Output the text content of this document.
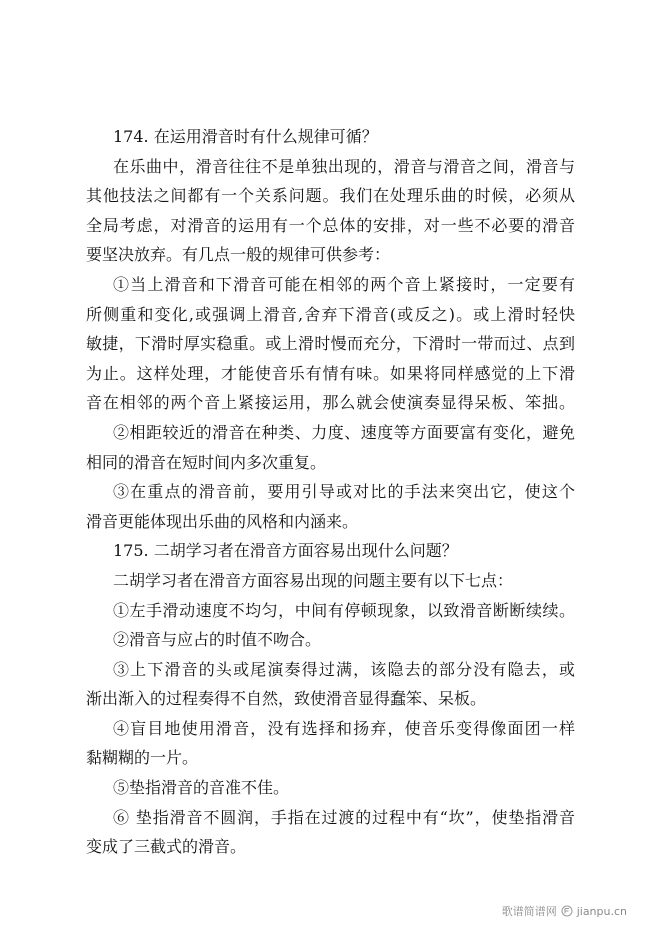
174. 在运用滑音时有什么规律可循？
在乐曲中，滑音往往不是单独出现的，滑音与滑音之间，滑音与
其他技法之间都有一个关系问题。我们在处理乐曲的时候，必须从
全局考虑，对滑音的运用有一个总体的安排，对一些不必要的滑音
要坚决放弃。有几点一般的规律可供参考：
①当上滑音和下滑音可能在相邻的两个音上紧接时，一定要有
所侧重和变化,或强调上滑音,舍弃下滑音(或反之)。或上滑时轻快
敏捷，下滑时厚实稳重。或上滑时慢而充分，下滑时一带而过、点到
为止。这样处理，才能使音乐有情有味。如果将同样感觉的上下滑
音在相邻的两个音上紧接运用，那么就会使演奏显得呆板、笨拙。
②相距较近的滑音在种类、力度、速度等方面要富有变化，避免
相同的滑音在短时间内多次重复。
③在重点的滑音前，要用引导或对比的手法来突出它，使这个
滑音更能体现出乐曲的风格和内涵来。
175. 二胡学习者在滑音方面容易出现什么问题？
二胡学习者在滑音方面容易出现的问题主要有以下七点：
①左手滑动速度不均匀，中间有停顿现象，以致滑音断断续续。
②滑音与应占的时值不吻合。
③上下滑音的头或尾演奏得过满，该隐去的部分没有隐去，或
渐出渐入的过程奏得不自然，致使滑音显得蠢笨、呆板。
④盲目地使用滑音，没有选择和扬弃，使音乐变得像面团一样
黏糊糊的一片。
⑤垫指滑音的音准不佳。
⑥ 垫指滑音不圆润，手指在过渡的过程中有“坎”，使垫指滑音
变成了三截式的滑音。
歌谱简谱网 jianpu.cn
